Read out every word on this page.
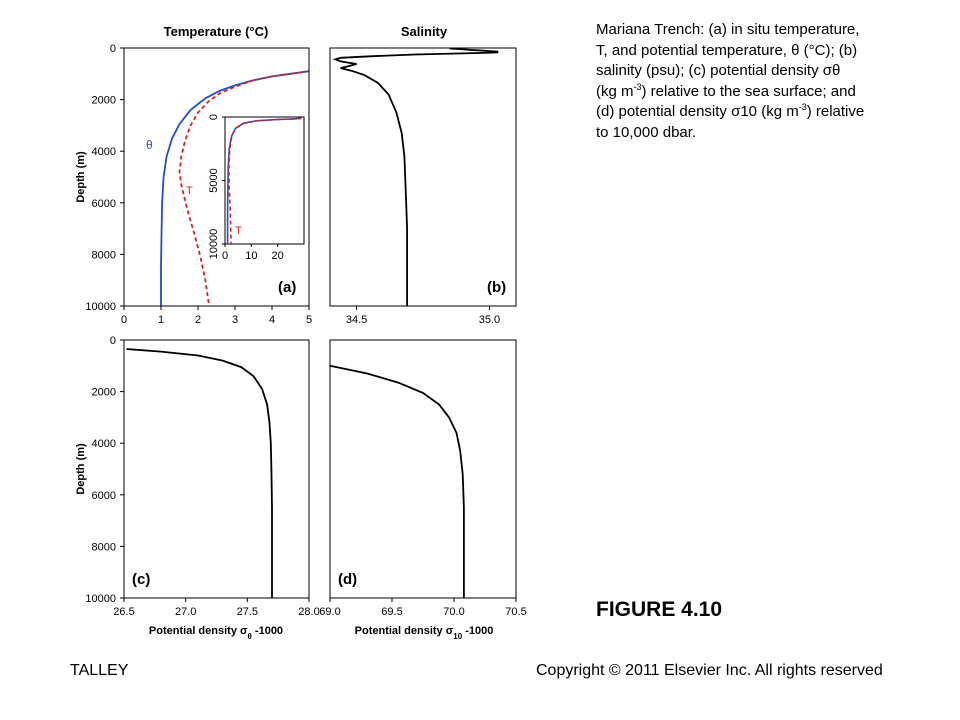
0	1	2	3	4	5
0
2000
4000
6000
8000
10000
Temperature (°C)
Depth (m)
(a)
θ
T
0 10 20
0
5000
10000 T
34.5	35.0
Salinity
(b)
26.5	27.0	27.5	28.0
0
2000
4000
6000
8000
10000
Depth (m)
Potential density $\sigma_\theta$ -1000
(c)
69.0	69.5	70.0	70.5
Potential density $\sigma_{10}$ -1000
(d)
Mariana Trench: (a) in situ temperature,
T, and potential temperature, θ (°C); (b)
salinity (psu); (c) potential density σθ
(kg $m^{-3}$) relative to the sea surface; and
(d) potential density σ10 (kg $m^{-3}$) relative
to 10,000 dbar.
FIGURE 4.10
TALLEY	Copyright © 2011 Elsevier Inc. All rights reserved
